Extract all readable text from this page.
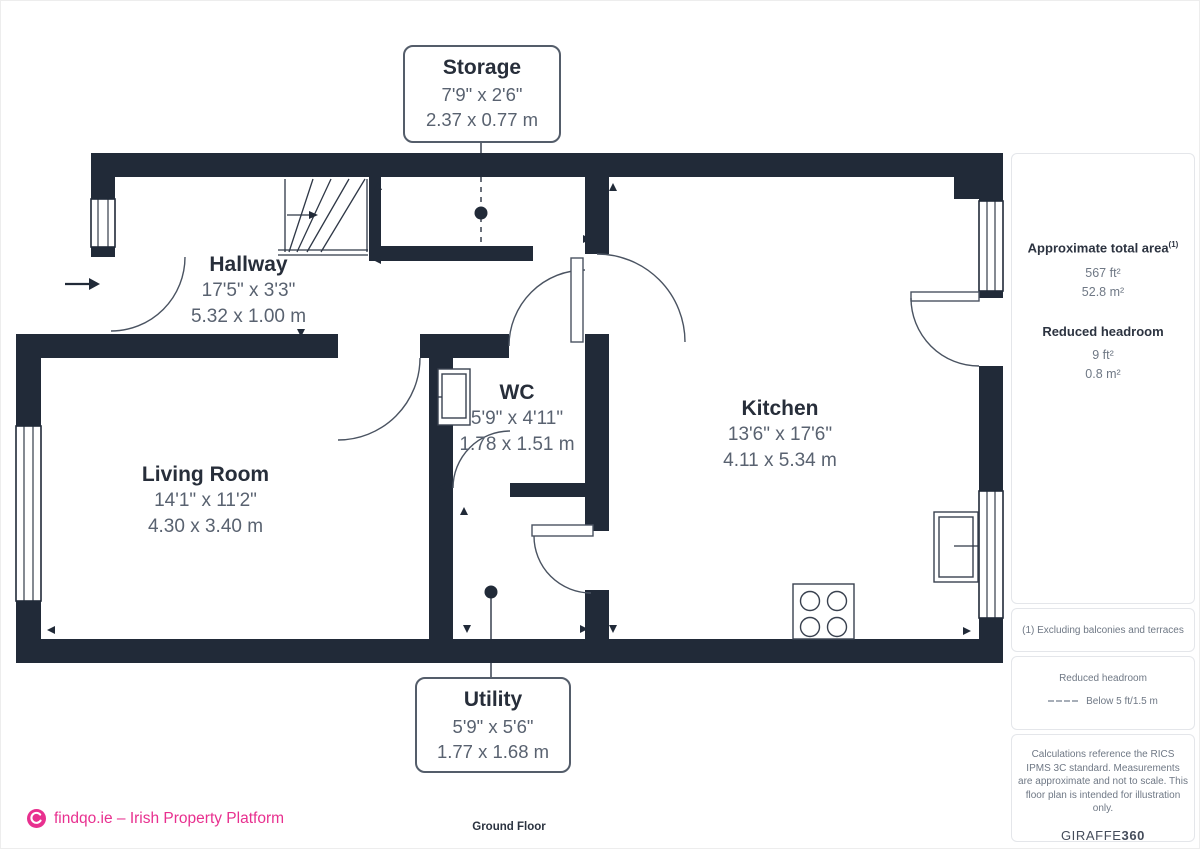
Storage
7'9" x 2'6"
2.37 x 0.77 m
Hallway
17'5" x 3'3"
5.32 x 1.00 m
WC
5'9" x 4'11"
1.78 x 1.51 m
Kitchen
13'6" x 17'6"
4.11 x 5.34 m
Living Room
14'1" x 11'2"
4.30 x 3.40 m
Utility
5'9" x 5'6"
1.77 x 1.68 m
Approximate total area$^{(1)}$
567 ft²
52.8 m²
Reduced headroom
9 ft²
0.8 m²
(1) Excluding balconies and terraces
Reduced headroom
Below 5 ft/1.5 m
Calculations reference the RICS IPMS 3C standard. Measurements are approximate and not to scale. This floor plan is intended for illustration only.
GIRAFFE360
findqo.ie – Irish Property Platform
Ground Floor
